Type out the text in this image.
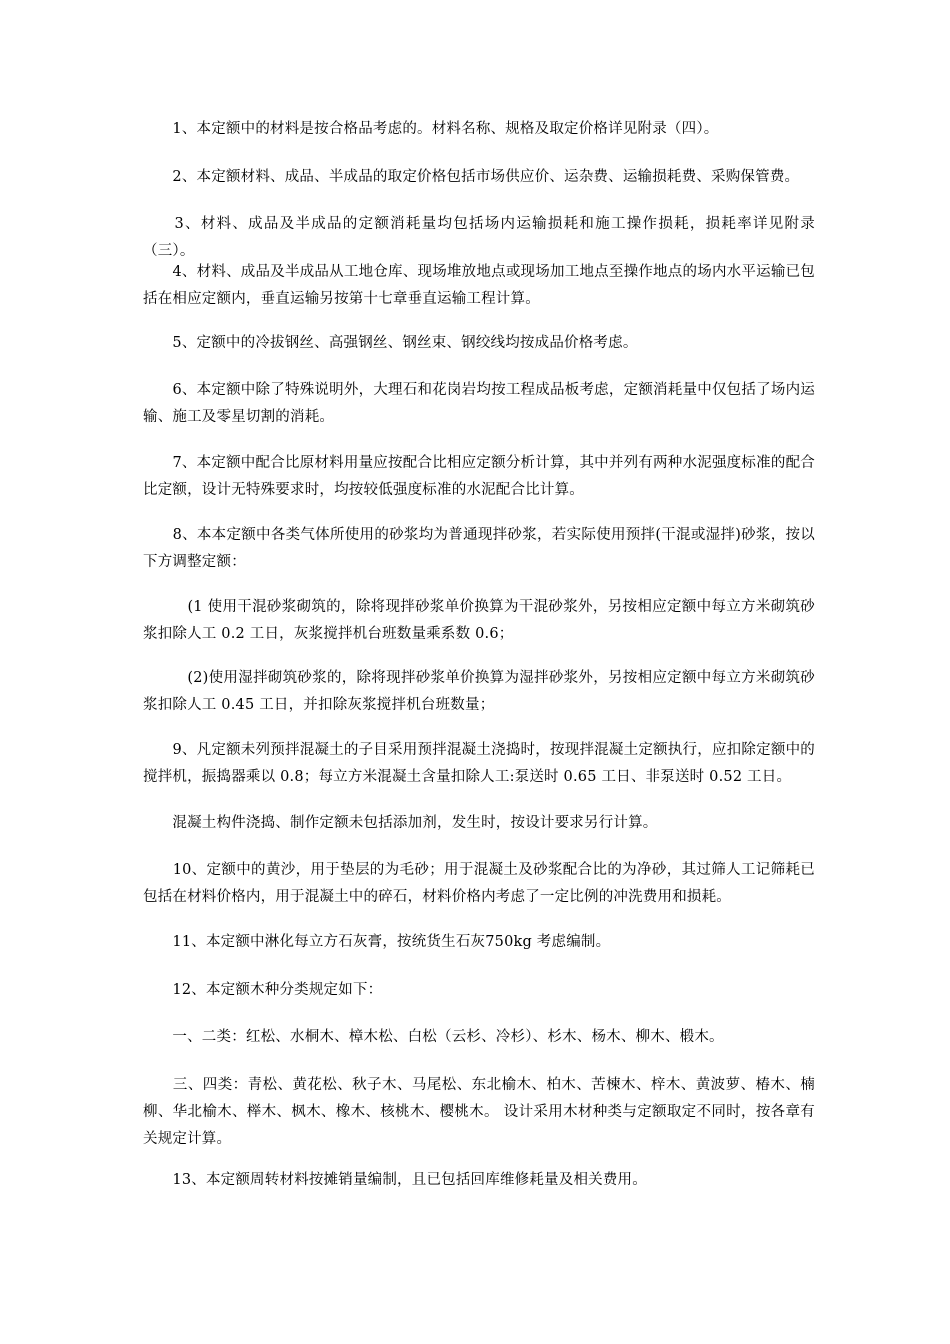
　　1、本定额中的材料是按合格品考虑的。材料名称、规格及取定价格详见附录（四）。

　　2、本定额材料、成品、半成品的取定价格包括市场供应价、运杂费、运输损耗费、采购保管费。

　　3、材料、成品及半成品的定额消耗量均包括场内运输损耗和施工操作损耗，损耗率详见附录（三）。

　　4、材料、成品及半成品从工地仓库、现场堆放地点或现场加工地点至操作地点的场内水平运输已包括在相应定额内，垂直运输另按第十七章垂直运输工程计算。

　　5、定额中的冷拔钢丝、高强钢丝、钢丝束、钢绞线均按成品价格考虑。

　　6、本定额中除了特殊说明外，大理石和花岗岩均按工程成品板考虑，定额消耗量中仅包括了场内运输、施工及零星切割的消耗。

　　7、本定额中配合比原材料用量应按配合比相应定额分析计算，其中并列有两种水泥强度标准的配合比定额，设计无特殊要求时，均按较低强度标准的水泥配合比计算。

　　8、本本定额中各类气体所使用的砂浆均为普通现拌砂浆，若实际使用预拌(干混或湿拌)砂浆，按以下方调整定额：

　　　(1 使用干混砂浆砌筑的，除将现拌砂浆单价换算为干混砂浆外，另按相应定额中每立方米砌筑砂浆扣除人工 0.2 工日，灰浆搅拌机台班数量乘系数 0.6；

　　　(2)使用湿拌砌筑砂浆的，除将现拌砂浆单价换算为湿拌砂浆外，另按相应定额中每立方米砌筑砂浆扣除人工 0.45 工日，并扣除灰浆搅拌机台班数量；

　　9、凡定额未列预拌混凝土的子目采用预拌混凝土浇捣时，按现拌混凝土定额执行，应扣除定额中的搅拌机，振捣器乘以 0.8；每立方米混凝土含量扣除人工:泵送时 0.65 工日、非泵送时 0.52 工日。

　　混凝土构件浇捣、制作定额未包括添加剂，发生时，按设计要求另行计算。

　　10、定额中的黄沙，用于垫层的为毛砂；用于混凝土及砂浆配合比的为净砂，其过筛人工记筛耗已包括在材料价格内，用于混凝土中的碎石，材料价格内考虑了一定比例的冲洗费用和损耗。

　　11、本定额中淋化每立方石灰膏，按统货生石灰750kg 考虑编制。

　　12、本定额木种分类规定如下：

　　一、二类：红松、水桐木、樟木松、白松（云杉、冷杉）、杉木、杨木、柳木、椴木。

　　三、四类：青松、黄花松、秋子木、马尾松、东北榆木、柏木、苦楝木、梓木、黄波萝、椿木、楠柳、华北榆木、榉木、枫木、橡木、核桃木、樱桃木。 设计采用木材种类与定额取定不同时，按各章有关规定计算。

　　13、本定额周转材料按摊销量编制，且已包括回库维修耗量及相关费用。
